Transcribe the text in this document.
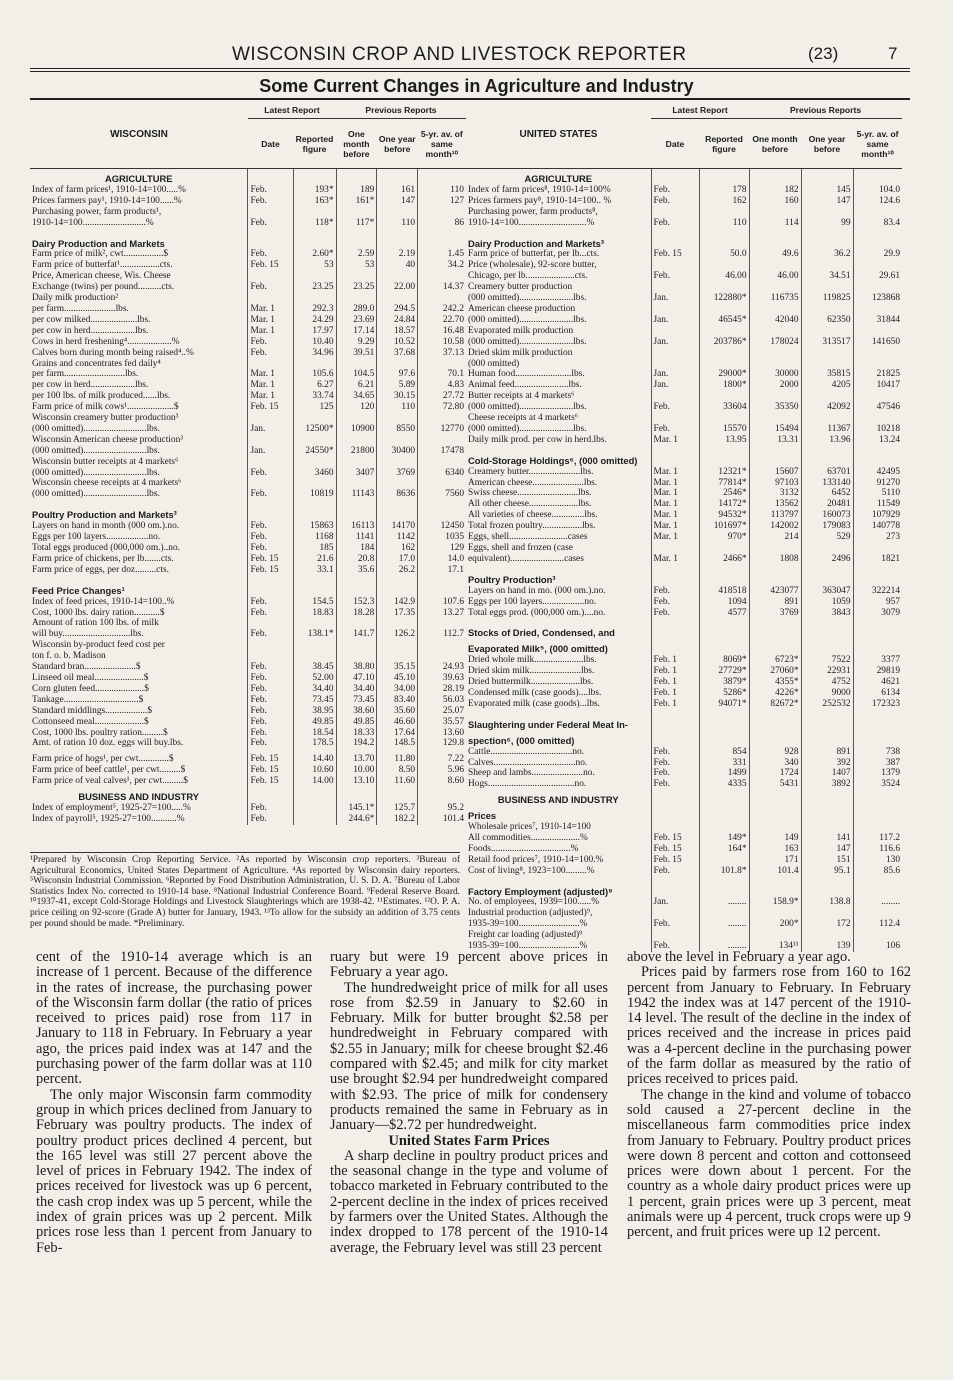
WISCONSIN CROP AND LIVESTOCK REPORTER	(23)	7
Some Current Changes in Agriculture and Industry
WISCONSIN	Latest Report		Previous Reports		
	Date	Reported figure	One month before	One year before	5-yr. av. of same month¹⁰
AGRICULTURE					
Index of farm prices¹, 1910-14=100.....%	Feb.	193*	189	161	110
Prices farmers pay¹, 1910-14=100......%	Feb.	163*	161*	147	127
Purchasing power, farm products¹,					
1910-14=100...........................%	Feb.	118*	117*	110	86

Dairy Production and Markets					
Farm price of milk², cwt.................$	Feb.	2.60*	2.59	2.19	1.45
Farm price of butterfat¹.................cts.	Feb. 15	53	53	40	34.2
Price, American cheese, Wis. Cheese					
Exchange (twins) per pound..........cts.	Feb.	23.25	23.25	22.00	14.37
Daily milk production²					
per farm......................lbs.	Mar. 1	292.3	289.0	294.5	242.2
per cow milked....................lbs.	Mar. 1	24.29	23.69	24.84	22.70
per cow in herd...................lbs.	Mar. 1	17.97	17.14	18.57	16.48
Cows in herd freshening⁴...................%	Feb.	10.40	9.29	10.52	10.58
Calves born during month being raised⁴..%	Feb.	34.96	39.51	37.68	37.13
Grains and concentrates fed daily⁴					
per farm..........................lbs.	Mar. 1	105.6	104.5	97.6	70.1
per cow in herd...................lbs.	Mar. 1	6.27	6.21	5.89	4.83
per 100 lbs. of milk produced......lbs.	Mar. 1	33.74	34.65	30.15	27.72
Farm price of milk cows¹....................$	Feb. 15	125	120	110	72.80
Wisconsin creamery butter production³					
(000 omitted)...........................lbs.	Jan.	12500*	10900	8550	12770
Wisconsin American cheese production³					
(000 omitted)...........................lbs.	Jan.	24550*	21800	30400	17478
Wisconsin butter receipts at 4 markets⁶					
(000 omitted)...........................lbs.	Feb.	3460	3407	3769	6340
Wisconsin cheese receipts at 4 markets⁶					
(000 omitted)...........................lbs.	Feb.	10819	11143	8636	7560

Poultry Production and Markets³					
Layers on hand in month (000 om.).no.	Feb.	15863	16113	14170	12450
Eggs per 100 layers..................no.	Feb.	1168	1141	1142	1035
Total eggs produced (000,000 om.)..no.	Feb.	185	184	162	129
Farm price of chickens, per lb.......cts.	Feb. 15	21.6	20.8	17.0	14.0
Farm price of eggs, per doz.........cts.	Feb. 15	33.1	35.6	26.2	17.1

Feed Price Changes¹					
Index of feed prices, 1910-14=100..%	Feb.	154.5	152.3	142.9	107.6
Cost, 1000 lbs. dairy ration...........$	Feb.	18.83	18.28	17.35	13.27
Amount of ration 100 lbs. of milk					
will buy.............................lbs.	Feb.	138.1*	141.7	126.2	112.7
Wisconsin by-product feed cost per					
ton f. o. b. Madison					
Standard bran......................$	Feb.	38.45	38.80	35.15	24.93
Linseed oil meal.....................$	Feb.	52.00	47.10	45.10	39.63
Corn gluten feed.....................$	Feb.	34.40	34.40	34.00	28.19
Tankage................................$	Feb.	73.45	73.45	83.40	56.03
Standard middlings..................$	Feb.	38.95	38.60	35.60	25.07
Cottonseed meal.....................$	Feb.	49.85	49.85	46.60	35.57
Cost, 1000 lbs. poultry ration.........$	Feb.	18.54	18.33	17.64	13.60
Amt. of ration 10 doz. eggs will buy.lbs.	Feb.	178.5	194.2	148.5	129.8

Farm price of hogs¹, per cwt.............$	Feb. 15	14.40	13.70	11.80	7.22
Farm price of beef cattle¹, per cwt.........$	Feb. 15	10.60	10.00	8.50	5.96
Farm price of veal calves¹, per cwt.........$	Feb. 15	14.00	13.10	11.60	8.60
BUSINESS AND INDUSTRY					
Index of employment⁵, 1925-27=100.....%	Feb.		145.1*	125.7	95.2
Index of payroll⁵, 1925-27=100...........%	Feb.		244.6*	182.2	101.4
UNITED STATES	Latest Report		Previous Reports		
	Date	Reported figure	One month before	One year before	5-yr. av. of same month¹⁰
AGRICULTURE					
Index of farm prices⁸, 1910-14=100%	Feb.	178	182	145	104.0
Prices farmers pay⁸, 1910-14=100.. %	Feb.	162	160	147	124.6
Purchasing power, farm products⁸,					
1910-14=100.............................%	Feb.	110	114	99	83.4

Dairy Production and Markets³					
Farm price of butterfat, per lb...cts.	Feb. 15	50.0	49.6	36.2	29.9
Price (wholesale), 92-score butter,					
Chicago, per lb.....................cts.	Feb.	46.00	46.00	34.51	29.61
Creamery butter production					
(000 omitted).......................lbs.	Jan.	122880*	116735	119825	123868
American cheese production					
(000 omitted).......................lbs.	Jan.	46545*	42040	62350	31844
Evaporated milk production					
(000 omitted).......................lbs.	Jan.	203786*	178024	313517	141650
Dried skim milk production					
(000 omitted)					
Human food........................lbs.	Jan.	29000*	30000	35815	21825
Animal feed.......................lbs.	Jan.	1800*	2000	4205	10417
Butter receipts at 4 markets⁶					
(000 omitted).......................lbs.	Feb.	33604	35350	42092	47546
Cheese receipts at 4 markets⁶					
(000 omitted).......................lbs.	Feb.	15570	15494	11367	10218
Daily milk prod. per cow in herd.lbs.	Mar. 1	13.95	13.31	13.96	13.24

Cold-Storage Holdings⁶, (000 omitted)					
Creamery butter......................lbs.	Mar. 1	12321*	15607	63701	42495
American cheese......................lbs.	Mar. 1	77814*	97103	133140	91270
Swiss cheese..........................lbs.	Mar. 1	2546*	3132	6452	5110
All other cheese.....................lbs.	Mar. 1	14172*	13562	20481	11549
All varieties of cheese..............lbs.	Mar. 1	94532*	113797	160073	107929
Total frozen poultry.................lbs.	Mar. 1	101697*	142002	179083	140778
Eggs, shell.........................cases	Mar. 1	970*	214	529	273
Eggs, shell and frozen (case					
equivalent).......................cases	Mar. 1	2466*	1808	2496	1821

Poultry Production³					
Layers on hand in mo. (000 om.).no.	Feb.	418518	423077	363047	322214
Eggs per 100 layers..................no.	Feb.	1094	891	1059	957
Total eggs prod. (000,000 om.)....no.	Feb.	4577	3769	3843	3079

Stocks of Dried, Condensed, and					
Evaporated Milk⁵, (000 omitted)					
Dried whole milk.....................lbs.	Feb. 1	8069*	6723*	7522	3377
Dried skim milk......................lbs.	Feb. 1	27729*	27060*	22931	29819
Dried buttermilk.....................lbs.	Feb. 1	3879*	4355*	4752	4621
Condensed milk (case goods)....lbs.	Feb. 1	5286*	4226*	9000	6134
Evaporated milk (case goods)...lbs.	Feb. 1	94071*	82672*	252532	172323

Slaughtering under Federal Meat In-					
spection⁶, (000 omitted)					
Cattle...................................no.	Feb.	854	928	891	738
Calves...................................no.	Feb.	331	340	392	387
Sheep and lambs......................no.	Feb.	1499	1724	1407	1379
Hogs.....................................no.	Feb.	4335	5431	3892	3524
BUSINESS AND INDUSTRY					
Prices					
Wholesale prices⁷, 1910-14=100					
All commodities.....................%	Feb. 15	149*	149	141	117.2
Foods..................................%	Feb. 15	164*	163	147	116.6
Retail food prices⁷, 1910-14=100.%	Feb. 15		171	151	130
Cost of living⁸, 1923=100.........%	Feb.	101.8*	101.4	95.1	85.6

Factory Employment (adjusted)⁹					
No. of employees, 1939=100......%	Jan.	........	158.9*	138.8	........
Industrial production (adjusted)⁹,					
1935-39=100..........................%	Feb.	........	200*	172	112.4
Freight car loading (adjusted)⁹					
1935-39=100..........................%	Feb.	........	134¹¹	139	106
¹Prepared by Wisconsin Crop Reporting Service. ²As reported by Wisconsin crop reporters. ³Bureau of Agricultural Economics, United States Department of Agriculture. ⁴As reported by Wisconsin dairy reporters. ⁵Wisconsin Industrial Commission. ⁶Reported by Food Distribution Administration, U. S. D. A. ⁷Bureau of Labor Statistics Index No. corrected to 1910-14 base. ⁸National Industrial Conference Board. ⁹Federal Reserve Board. ¹⁰1937-41, except Cold-Storage Holdings and Livestock Slaughterings which are 1938-42. ¹¹Estimates. ¹²O. P. A. price ceiling on 92-score (Grade A) butter for January, 1943. ¹³To allow for the subsidy an addition of 3.75 cents per pound should be made. *Preliminary.

cent of the 1910-14 average which is an increase of 1 percent. Because of the difference in the rates of increase, the purchasing power of the Wisconsin farm dollar (the ratio of prices received to prices paid) rose from 117 in January to 118 in February. In February a year ago, the prices paid index was at 147 and the purchasing power of the farm dollar was at 110 percent.

The only major Wisconsin farm commodity group in which prices declined from January to February was poultry products. The index of poultry product prices declined 4 percent, but the 165 level was still 27 percent above the level of prices in February 1942. The index of prices received for livestock was up 6 percent, the cash crop index was up 5 percent, while the index of grain prices was up 2 percent. Milk prices rose less than 1 percent from January to Feb-

ruary but were 19 percent above prices in February a year ago.

The hundredweight price of milk for all uses rose from $2.59 in January to $2.60 in February. Milk for butter brought $2.58 per hundredweight in February compared with $2.55 in January; milk for cheese brought $2.46 compared with $2.45; and milk for city market use brought $2.94 per hundredweight compared with $2.93. The price of milk for condensery products remained the same in February as in January—$2.72 per hundredweight.

United States Farm Prices

A sharp decline in poultry product prices and the seasonal change in the type and volume of tobacco marketed in February contributed to the 2-percent decline in the index of prices received by farmers over the United States. Although the index dropped to 178 percent of the 1910-14 average, the February level was still 23 percent

above the level in February a year ago.

Prices paid by farmers rose from 160 to 162 percent from January to February. In February 1942 the index was at 147 percent of the 1910-14 level. The result of the decline in the index of prices received and the increase in prices paid was a 4-percent decline in the purchasing power of the farm dollar as measured by the ratio of prices received to prices paid.

The change in the kind and volume of tobacco sold caused a 27-percent decline in the miscellaneous farm commodities price index from January to February. Poultry product prices were down 8 percent and cotton and cottonseed prices were down about 1 percent. For the country as a whole dairy product prices were up 1 percent, grain prices were up 3 percent, meat animals were up 4 percent, truck crops were up 9 percent, and fruit prices were up 12 percent.
